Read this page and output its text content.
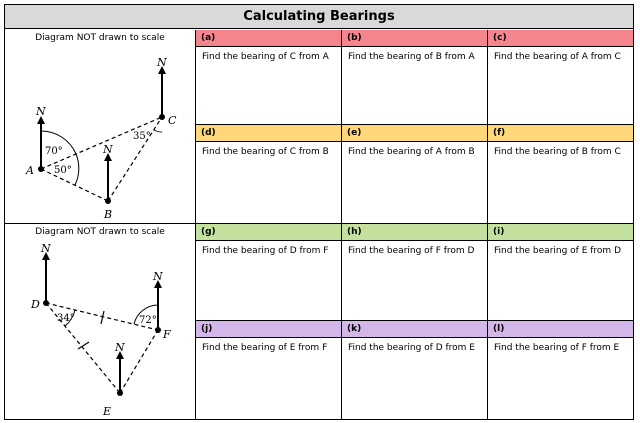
Calculating Bearings
Diagram NOT drawn to scale
N
N
N
A
B
C
70°
50°
35°
Diagram NOT drawn to scale
N
N
N
D
F
E
34°	72°
(a)
Find the bearing of C from A
(b)
Find the bearing of B from A
(c)
Find the bearing of A from C
(d)
Find the bearing of C from B
(e)
Find the bearing of A from B
(f)
Find the bearing of B from C
(g)
Find the bearing of D from F
(h)
Find the bearing of F from D
(i)
Find the bearing of E from D
(j)
Find the bearing of E from F
(k)
Find the bearing of D from E
(l)
Find the bearing of F from E
